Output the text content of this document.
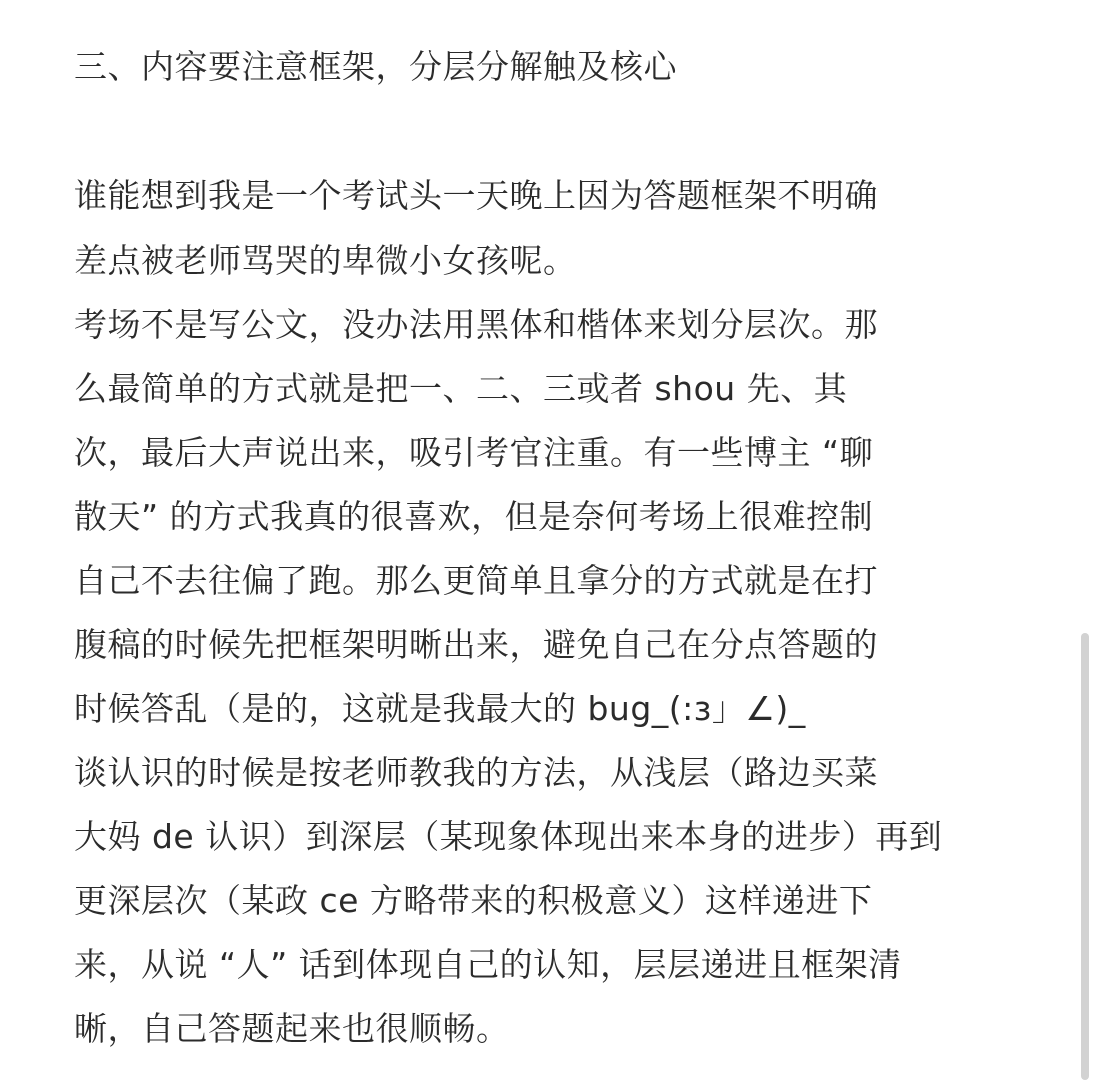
三、内容要注意框架，分层分解触及核心
谁能想到我是一个考试头一天晚上因为答题框架不明确
差点被老师骂哭的卑微小女孩呢。
考场不是写公文，没办法用黑体和楷体来划分层次。那
么最简单的方式就是把一、二、三或者 shou 先、其
次，最后大声说出来，吸引考官注重。有一些博主 “聊
散天” 的方式我真的很喜欢，但是奈何考场上很难控制
自己不去往偏了跑。那么更简单且拿分的方式就是在打
腹稿的时候先把框架明晰出来，避免自己在分点答题的
时候答乱（是的，这就是我最大的 bug_(:з」∠)_
谈认识的时候是按老师教我的方法，从浅层（路边买菜
大妈 de 认识）到深层（某现象体现出来本身的进步）再到
更深层次（某政 ce 方略带来的积极意义）这样递进下
来，从说 “人” 话到体现自己的认知，层层递进且框架清
晰，自己答题起来也很顺畅。
